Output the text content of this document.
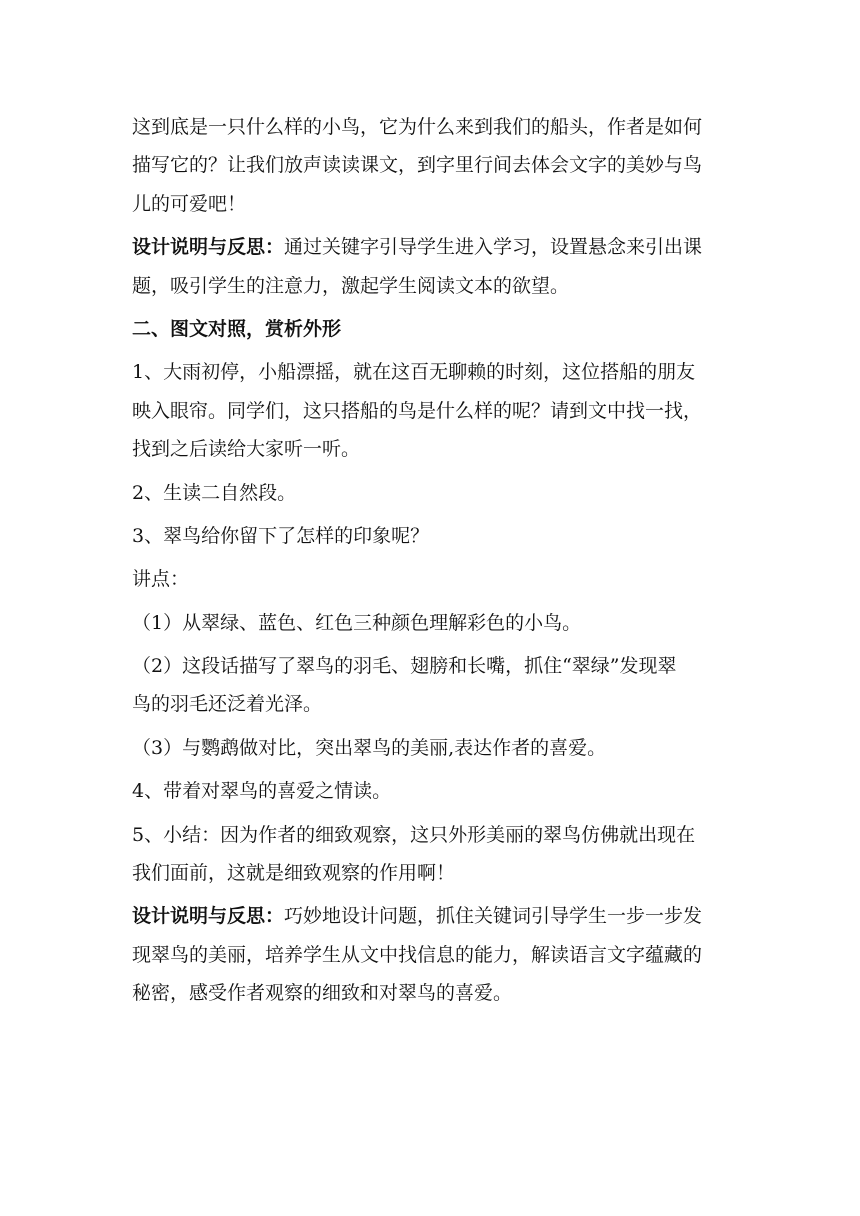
这到底是一只什么样的小鸟，它为什么来到我们的船头，作者是如何
描写它的？让我们放声读读课文，到字里行间去体会文字的美妙与鸟
儿的可爱吧！
设计说明与反思：通过关键字引导学生进入学习，设置悬念来引出课
题，吸引学生的注意力，激起学生阅读文本的欲望。
二、图文对照，赏析外形
1、大雨初停，小船漂摇，就在这百无聊赖的时刻，这位搭船的朋友
映入眼帘。同学们，这只搭船的鸟是什么样的呢？请到文中找一找，
找到之后读给大家听一听。
2、生读二自然段。
3、翠鸟给你留下了怎样的印象呢？
讲点：
（1）从翠绿、蓝色、红色三种颜色理解彩色的小鸟。
（2）这段话描写了翠鸟的羽毛、翅膀和长嘴，抓住“翠绿”发现翠
鸟的羽毛还泛着光泽。
（3）与鹦鹉做对比，突出翠鸟的美丽,表达作者的喜爱。
4、带着对翠鸟的喜爱之情读。
5、小结：因为作者的细致观察，这只外形美丽的翠鸟仿佛就出现在
我们面前，这就是细致观察的作用啊！
设计说明与反思：巧妙地设计问题，抓住关键词引导学生一步一步发
现翠鸟的美丽，培养学生从文中找信息的能力，解读语言文字蕴藏的
秘密，感受作者观察的细致和对翠鸟的喜爱。
